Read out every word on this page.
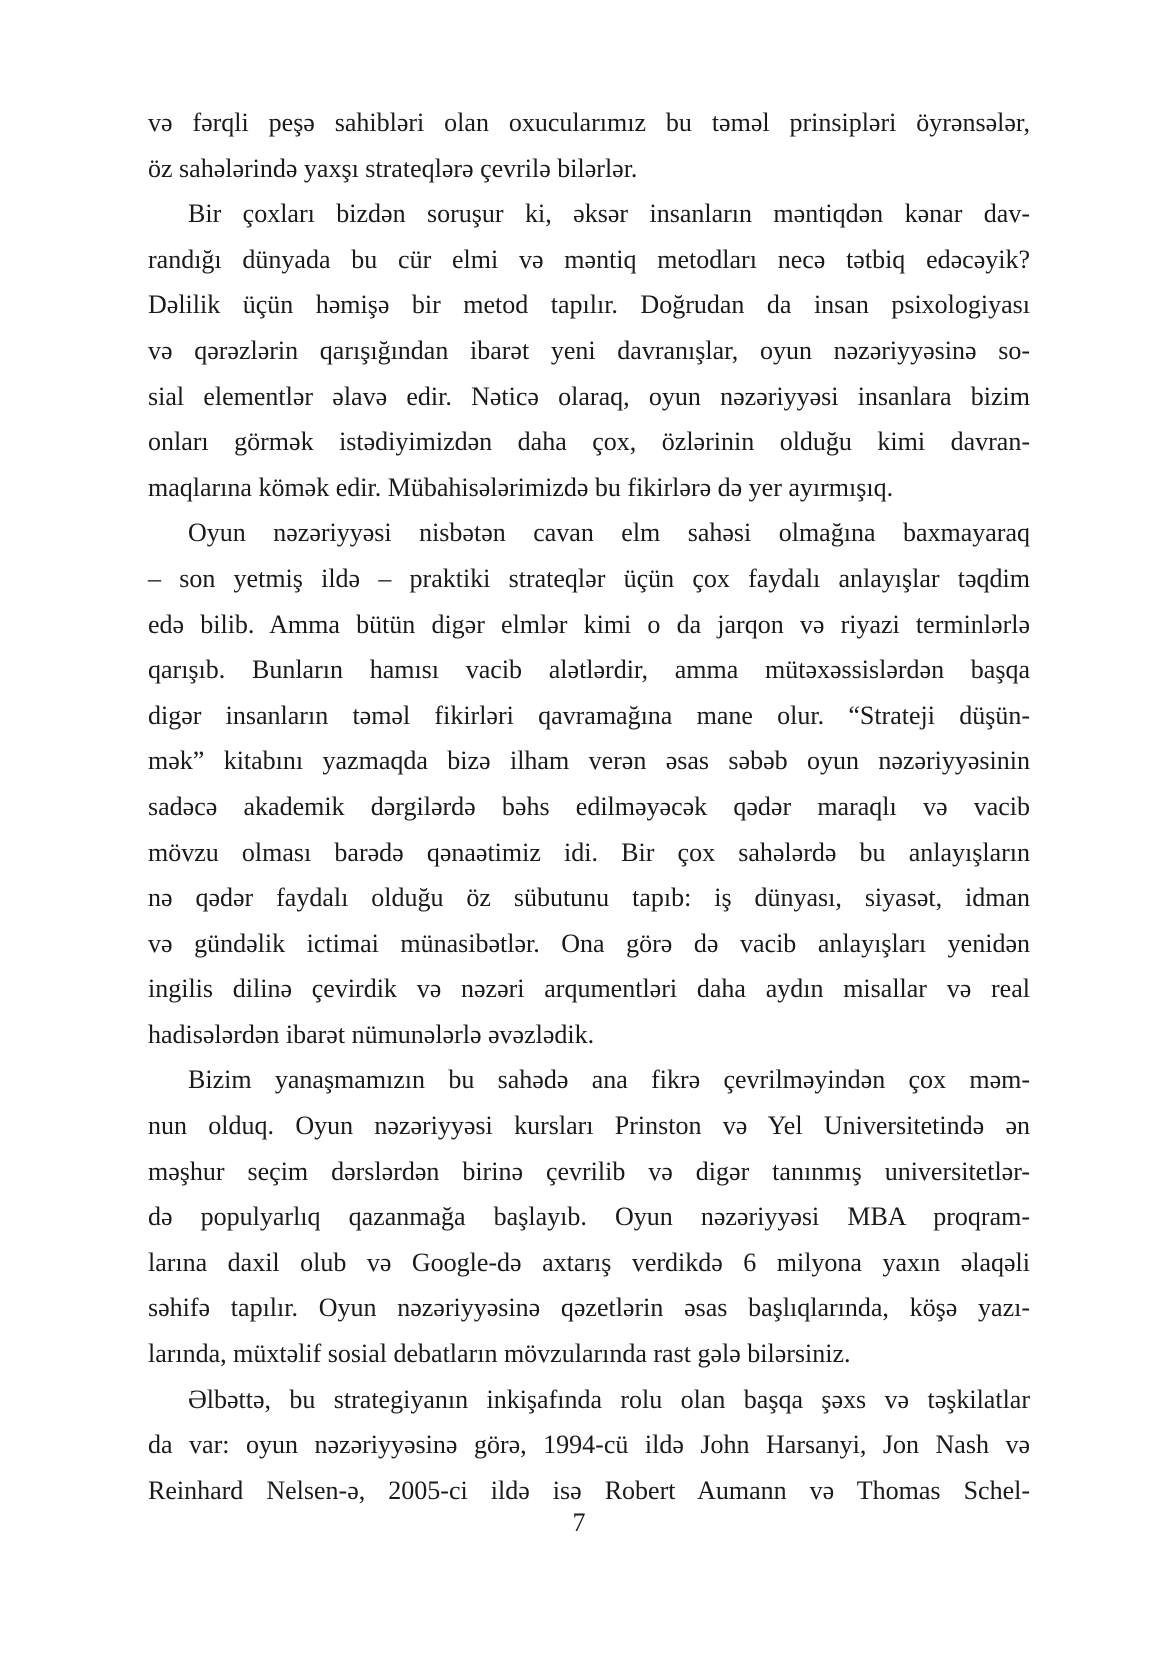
və fərqli peşə sahibləri olan oxucularımız bu təməl prinsipləri öyrənsələr,
öz sahələrində yaxşı strateqlərə çevrilə bilərlər.
Bir çoxları bizdən soruşur ki, əksər insanların məntiqdən kənar dav-
randığı dünyada bu cür elmi və məntiq metodları necə tətbiq edəcəyik?
Dəlilik üçün həmişə bir metod tapılır. Doğrudan da insan psixologiyası
və qərəzlərin qarışığından ibarət yeni davranışlar, oyun nəzəriyyəsinə so-
sial elementlər əlavə edir. Nəticə olaraq, oyun nəzəriyyəsi insanlara bizim
onları görmək istədiyimizdən daha çox, özlərinin olduğu kimi davran-
maqlarına kömək edir. Mübahisələrimizdə bu fikirlərə də yer ayırmışıq.
Oyun nəzəriyyəsi nisbətən cavan elm sahəsi olmağına baxmayaraq
– son yetmiş ildə – praktiki strateqlər üçün çox faydalı anlayışlar təqdim
edə bilib. Amma bütün digər elmlər kimi o da jarqon və riyazi terminlərlə
qarışıb. Bunların hamısı vacib alətlərdir, amma mütəxəssislərdən başqa
digər insanların təməl fikirləri qavramağına mane olur. “Strateji düşün-
mək” kitabını yazmaqda bizə ilham verən əsas səbəb oyun nəzəriyyəsinin
sadəcə akademik dərgilərdə bəhs edilməyəcək qədər maraqlı və vacib
mövzu olması barədə qənaətimiz idi. Bir çox sahələrdə bu anlayışların
nə qədər faydalı olduğu öz sübutunu tapıb: iş dünyası, siyasət, idman
və gündəlik ictimai münasibətlər. Ona görə də vacib anlayışları yenidən
ingilis dilinə çevirdik və nəzəri arqumentləri daha aydın misallar və real
hadisələrdən ibarət nümunələrlə əvəzlədik.
Bizim yanaşmamızın bu sahədə ana fikrə çevrilməyindən çox məm-
nun olduq. Oyun nəzəriyyəsi kursları Prinston və Yel Universitetində ən
məşhur seçim dərslərdən birinə çevrilib və digər tanınmış universitetlər-
də populyarlıq qazanmağa başlayıb. Oyun nəzəriyyəsi MBA proqram-
larına daxil olub və Google-də axtarış verdikdə 6 milyona yaxın əlaqəli
səhifə tapılır. Oyun nəzəriyyəsinə qəzetlərin əsas başlıqlarında, köşə yazı-
larında, müxtəlif sosial debatların mövzularında rast gələ bilərsiniz.
Əlbəttə, bu strategiyanın inkişafında rolu olan başqa şəxs və təşkilatlar
da var: oyun nəzəriyyəsinə görə, 1994-cü ildə John Harsanyi, Jon Nash və
Reinhard Nelsen-ə, 2005-ci ildə isə Robert Aumann və Thomas Schel-
7
